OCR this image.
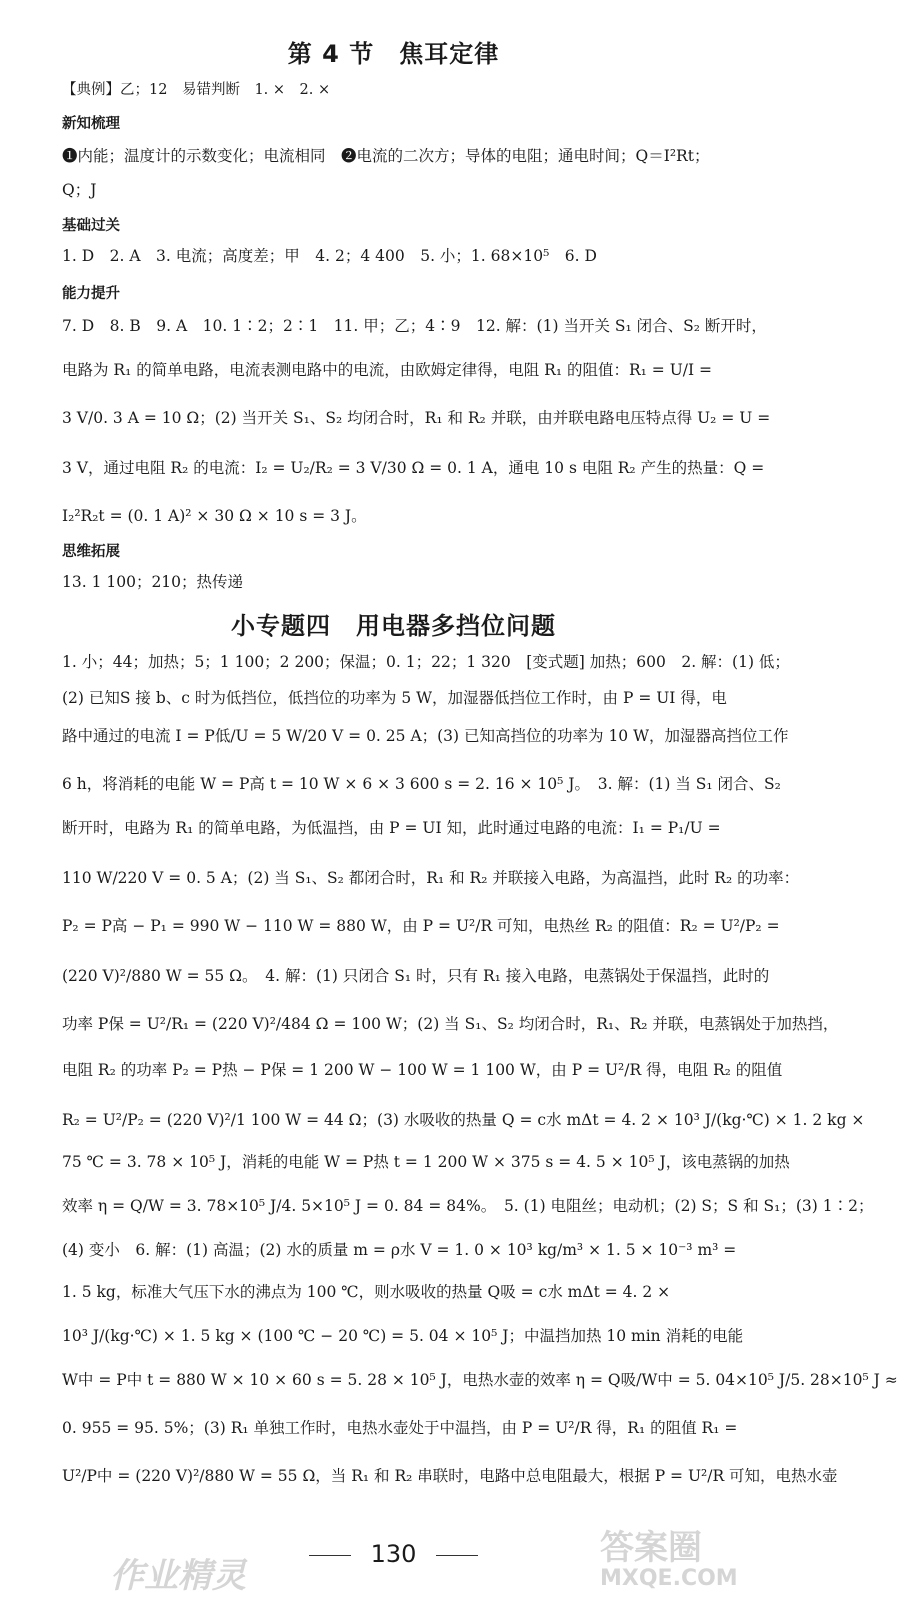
第 4 节　焦耳定律
【典例】乙；12　易错判断　1. ×　2. ×
新知梳理
❶内能；温度计的示数变化；电流相同　❷电流的二次方；导体的电阻；通电时间；Q＝I²Rt；
Q；J
基础过关
1. D　2. A　3. 电流；高度差；甲　4. 2；4 400　5. 小；1. 68×10⁵　6. D
能力提升
7. D　8. B　9. A　10. 1∶2；2∶1　11. 甲；乙；4∶9　12. 解：(1) 当开关 S₁ 闭合、S₂ 断开时，
电路为 R₁ 的简单电路，电流表测电路中的电流，由欧姆定律得，电阻 R₁ 的阻值：R₁ = U/I =
3 V/0. 3 A = 10 Ω；(2) 当开关 S₁、S₂ 均闭合时，R₁ 和 R₂ 并联，由并联电路电压特点得 U₂ = U =
3 V，通过电阻 R₂ 的电流：I₂ = U₂/R₂ = 3 V/30 Ω = 0. 1 A，通电 10 s 电阻 R₂ 产生的热量：Q =
I₂²R₂t = (0. 1 A)² × 30 Ω × 10 s = 3 J。
思维拓展
13. 1 100；210；热传递
小专题四　用电器多挡位问题
1. 小；44；加热；5；1 100；2 200；保温；0. 1；22；1 320　[变式题] 加热；600　2. 解：(1) 低；
(2) 已知S 接 b、c 时为低挡位，低挡位的功率为 5 W，加湿器低挡位工作时，由 P = UI 得，电
路中通过的电流 I = P低/U = 5 W/20 V = 0. 25 A；(3) 已知高挡位的功率为 10 W，加湿器高挡位工作
6 h，将消耗的电能 W = P高 t = 10 W × 6 × 3 600 s = 2. 16 × 10⁵ J。　3. 解：(1) 当 S₁ 闭合、S₂
断开时，电路为 R₁ 的简单电路，为低温挡，由 P = UI 知，此时通过电路的电流：I₁ = P₁/U =
110 W/220 V = 0. 5 A；(2) 当 S₁、S₂ 都闭合时，R₁ 和 R₂ 并联接入电路，为高温挡，此时 R₂ 的功率：
P₂ = P高 − P₁ = 990 W − 110 W = 880 W，由 P = U²/R 可知，电热丝 R₂ 的阻值：R₂ = U²/P₂ =
(220 V)²/880 W = 55 Ω。　4. 解：(1) 只闭合 S₁ 时，只有 R₁ 接入电路，电蒸锅处于保温挡，此时的
功率 P保 = U²/R₁ = (220 V)²/484 Ω = 100 W；(2) 当 S₁、S₂ 均闭合时，R₁、R₂ 并联，电蒸锅处于加热挡，
电阻 R₂ 的功率 P₂ = P热 − P保 = 1 200 W − 100 W = 1 100 W，由 P = U²/R 得，电阻 R₂ 的阻值
R₂ = U²/P₂ = (220 V)²/1 100 W = 44 Ω；(3) 水吸收的热量 Q = c水 mΔt = 4. 2 × 10³ J/(kg·℃) × 1. 2 kg ×
75 ℃ = 3. 78 × 10⁵ J，消耗的电能 W = P热 t = 1 200 W × 375 s = 4. 5 × 10⁵ J，该电蒸锅的加热
效率 η = Q/W = 3. 78×10⁵ J/4. 5×10⁵ J = 0. 84 = 84%。　5. (1) 电阻丝；电动机；(2) S；S 和 S₁；(3) 1∶2；
(4) 变小　6. 解：(1) 高温；(2) 水的质量 m = ρ水 V = 1. 0 × 10³ kg/m³ × 1. 5 × 10⁻³ m³ =
1. 5 kg，标准大气压下水的沸点为 100 ℃，则水吸收的热量 Q吸 = c水 mΔt = 4. 2 ×
10³ J/(kg·℃) × 1. 5 kg × (100 ℃ − 20 ℃) = 5. 04 × 10⁵ J；中温挡加热 10 min 消耗的电能
W中 = P中 t = 880 W × 10 × 60 s = 5. 28 × 10⁵ J，电热水壶的效率 η = Q吸/W中 = 5. 04×10⁵ J/5. 28×10⁵ J ≈
0. 955 = 95. 5%；(3) R₁ 单独工作时，电热水壶处于中温挡，由 P = U²/R 得，R₁ 的阻值 R₁ =
U²/P中 = (220 V)²/880 W = 55 Ω，当 R₁ 和 R₂ 串联时，电路中总电阻最大，根据 P = U²/R 可知，电热水壶
130
作业精灵
答案圈
MXQE.COM
